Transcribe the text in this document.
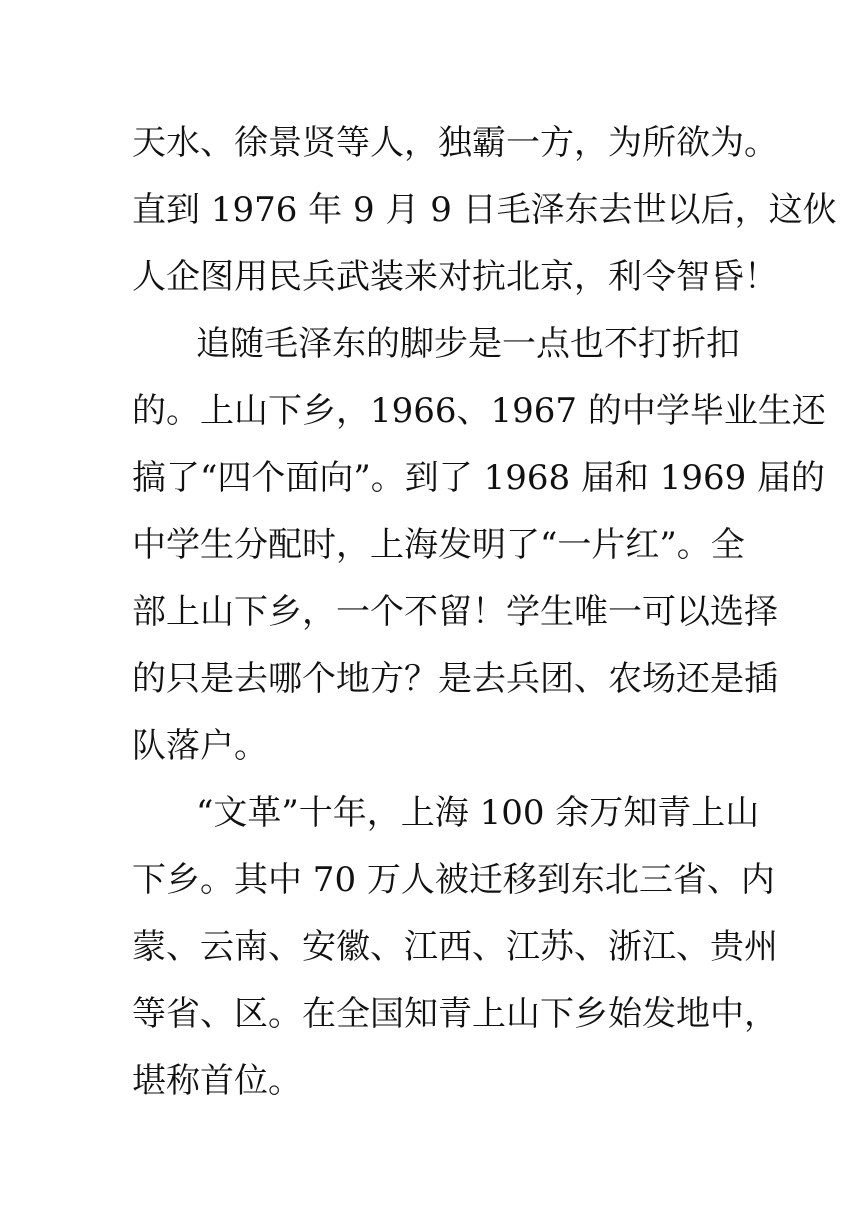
天水、徐景贤等人，独霸一方，为所欲为。
直到 1976 年 9 月 9 日毛泽东去世以后，这伙
人企图用民兵武装来对抗北京，利令智昏！
追随毛泽东的脚步是一点也不打折扣
的。上山下乡，1966、1967 的中学毕业生还
搞了“四个面向”。到了 1968 届和 1969 届的
中学生分配时，上海发明了“一片红”。全
部上山下乡，一个不留！学生唯一可以选择
的只是去哪个地方？是去兵团、农场还是插
队落户。
“文革”十年，上海 100 余万知青上山
下乡。其中 70 万人被迁移到东北三省、内
蒙、云南、安徽、江西、江苏、浙江、贵州
等省、区。在全国知青上山下乡始发地中，
堪称首位。
